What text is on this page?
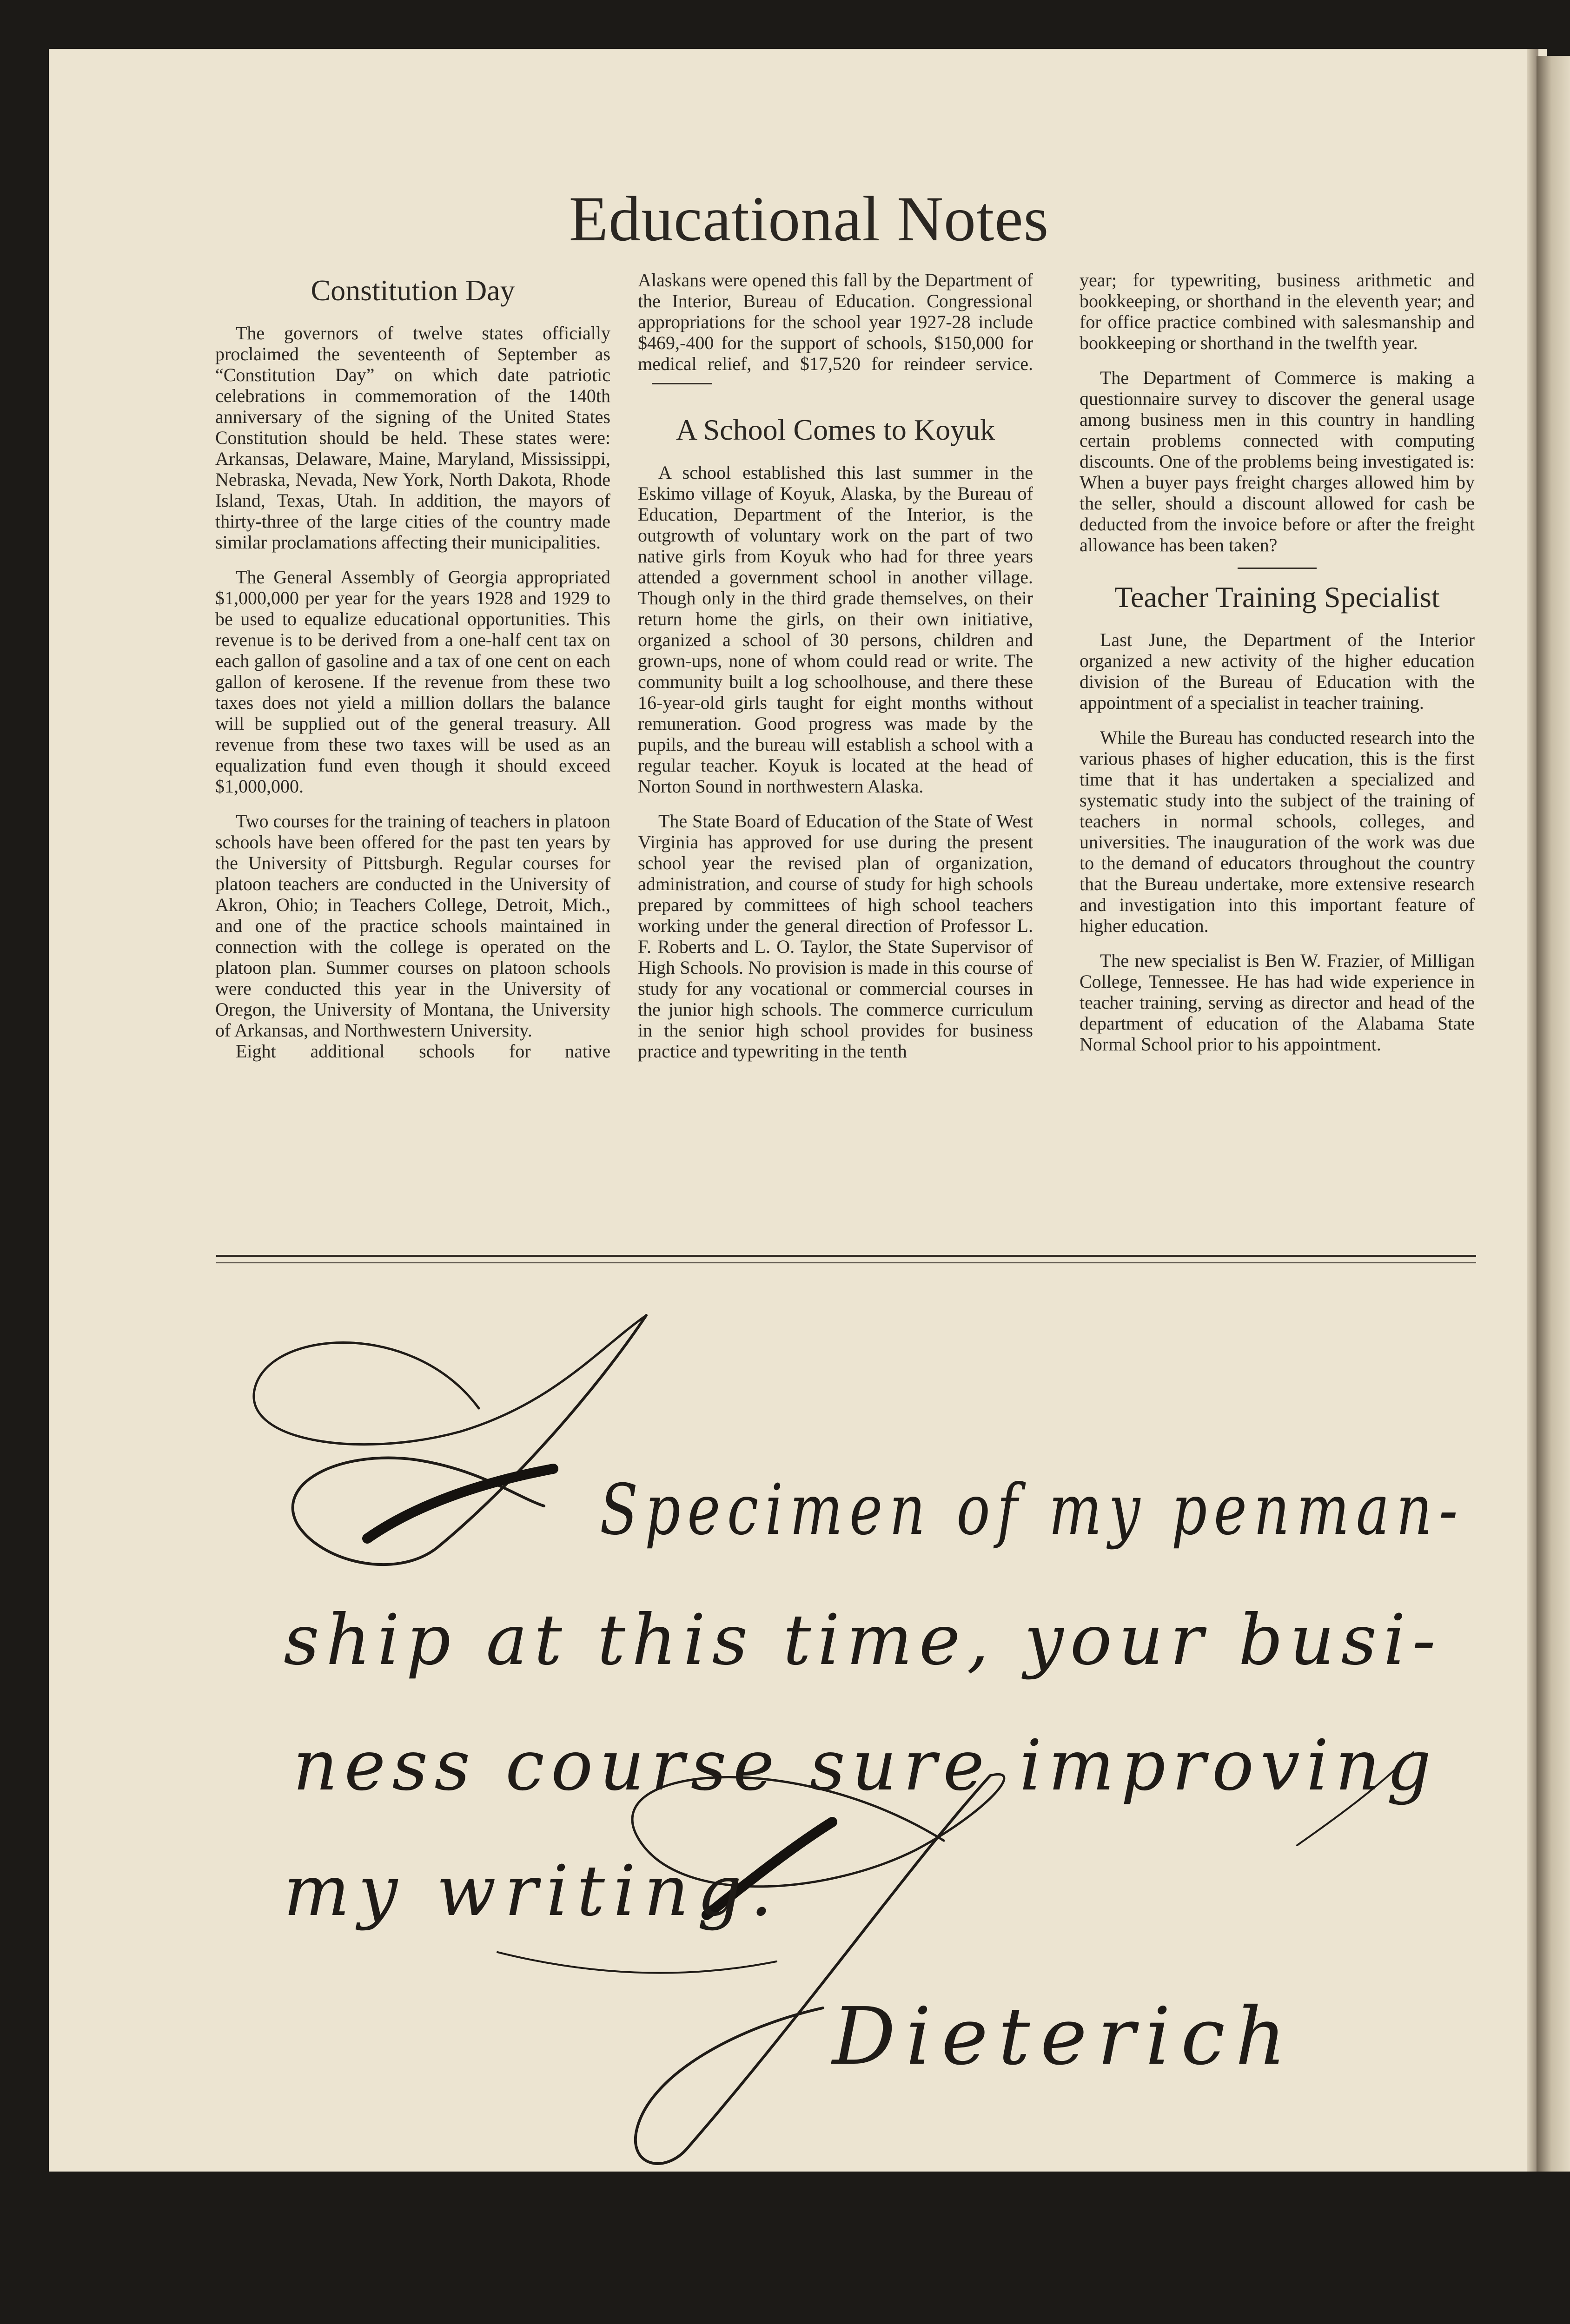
Educational Notes
Constitution Day

The governors of twelve states officially proclaimed the seventeenth of September as “Constitution Day” on which date patriotic celebrations in commemoration of the 140th anniversary of the signing of the United States Constitution should be held. These states were: Arkansas, Delaware, Maine, Maryland, Mississippi, Nebraska, Nevada, New York, North Dakota, Rhode Island, Texas, Utah. In addition, the mayors of thirty-three of the large cities of the country made similar proclamations affecting their municipalities.

The General Assembly of Georgia appropriated $1,000,000 per year for the years 1928 and 1929 to be used to equalize educational opportunities. This revenue is to be derived from a one-half cent tax on each gallon of gasoline and a tax of one cent on each gallon of kerosene. If the revenue from these two taxes does not yield a million dollars the balance will be supplied out of the general treasury. All revenue from these two taxes will be used as an equalization fund even though it should exceed $1,000,000.

Two courses for the training of teachers in platoon schools have been offered for the past ten years by the University of Pittsburgh. Regular courses for platoon teachers are conducted in the University of Akron, Ohio; in Teachers College, Detroit, Mich., and one of the practice schools maintained in connection with the college is operated on the platoon plan. Summer courses on platoon schools were conducted this year in the University of Oregon, the University of Montana, the University of Arkansas, and Northwestern University.

Eight additional schools for native

Alaskans were opened this fall by the Department of the Interior, Bureau of Education. Congressional appropriations for the school year 1927-28 include $469,-400 for the support of schools, $150,000 for medical relief, and $17,520 for reindeer service.

A School Comes to Koyuk

A school established this last summer in the Eskimo village of Koyuk, Alaska, by the Bureau of Education, Department of the Interior, is the outgrowth of voluntary work on the part of two native girls from Koyuk who had for three years attended a government school in another village. Though only in the third grade themselves, on their return home the girls, on their own initiative, organized a school of 30 persons, children and grown-ups, none of whom could read or write. The community built a log schoolhouse, and there these 16-year-old girls taught for eight months without remuneration. Good progress was made by the pupils, and the bureau will establish a school with a regular teacher. Koyuk is located at the head of Norton Sound in northwestern Alaska.

The State Board of Education of the State of West Virginia has approved for use during the present school year the revised plan of organization, administration, and course of study for high schools prepared by committees of high school teachers working under the general direction of Professor L. F. Roberts and L. O. Taylor, the State Supervisor of High Schools. No provision is made in this course of study for any vocational or commercial courses in the junior high schools. The commerce curriculum in the senior high school provides for business practice and typewriting in the tenth

year; for typewriting, business arithmetic and bookkeeping, or shorthand in the eleventh year; and for office practice combined with salesmanship and bookkeeping or shorthand in the twelfth year.

The Department of Commerce is making a questionnaire survey to discover the general usage among business men in this country in handling certain problems connected with computing discounts. One of the problems being investigated is: When a buyer pays freight charges allowed him by the seller, should a discount allowed for cash be deducted from the invoice before or after the freight allowance has been taken?

Teacher Training Specialist

Last June, the Department of the Interior organized a new activity of the higher education division of the Bureau of Education with the appointment of a specialist in teacher training.

While the Bureau has conducted research into the various phases of higher education, this is the first time that it has undertaken a specialized and systematic study into the subject of the training of teachers in normal schools, colleges, and universities. The inauguration of the work was due to the demand of educators throughout the country that the Bureau undertake, more extensive research and investigation into this important feature of higher education.

The new specialist is Ben W. Frazier, of Milligan College, Tennessee. He has had wide experience in teacher training, serving as director and head of the department of education of the Alabama State Normal School prior to his appointment.

Specimen of my penman-
ship at this time, your busi-
ness course sure improving
my writing.
Dieterich
